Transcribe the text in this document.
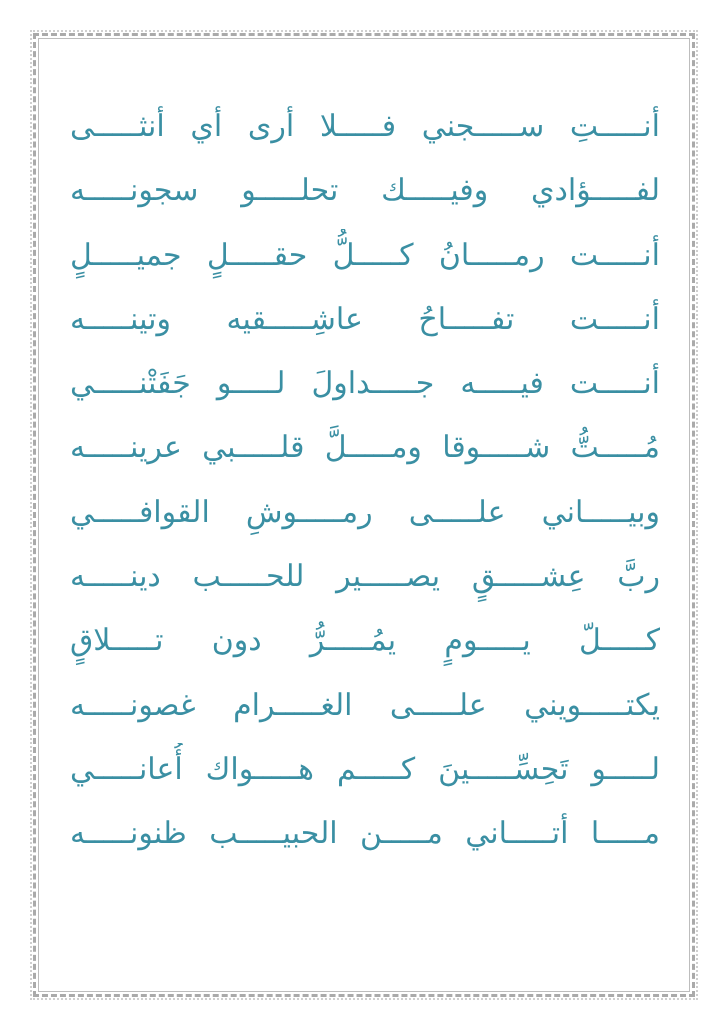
أنـــــتِ ســـــجني فـــــلا أرى أي أنثـــــى
لفـــــؤادي وفيـــــك تحلـــــو سجونـــــه
أنـــــت رمـــــانُ كـــــلُّ حقـــــلٍ جميـــــلٍ
أنـــــت تفـــــاحُ عاشِـــــقيه وتينـــــه
أنـــــت فيـــــه جـــــداولَ لـــــو جَفَتْنـــــي
مُـــــتُّ شـــــوقا ومـــــلَّ قلـــــبي عرينـــــه
وبيـــــاني علـــــى رمـــــوشِ القوافـــــي
ربَّ عِشـــــقٍ يصـــــير للحـــــب دينـــــه
كـــــلّ يـــــومٍ يمُـــــرُّ دون تـــــلاقٍ
يكتـــــويني علـــــى الغـــــرام غصونـــــه
لـــــو تَحِسِّـــــينَ كـــــم هـــــواك أُعانـــــي
مـــــا أتـــــاني مـــــن الحبيـــــب ظنونـــــه
